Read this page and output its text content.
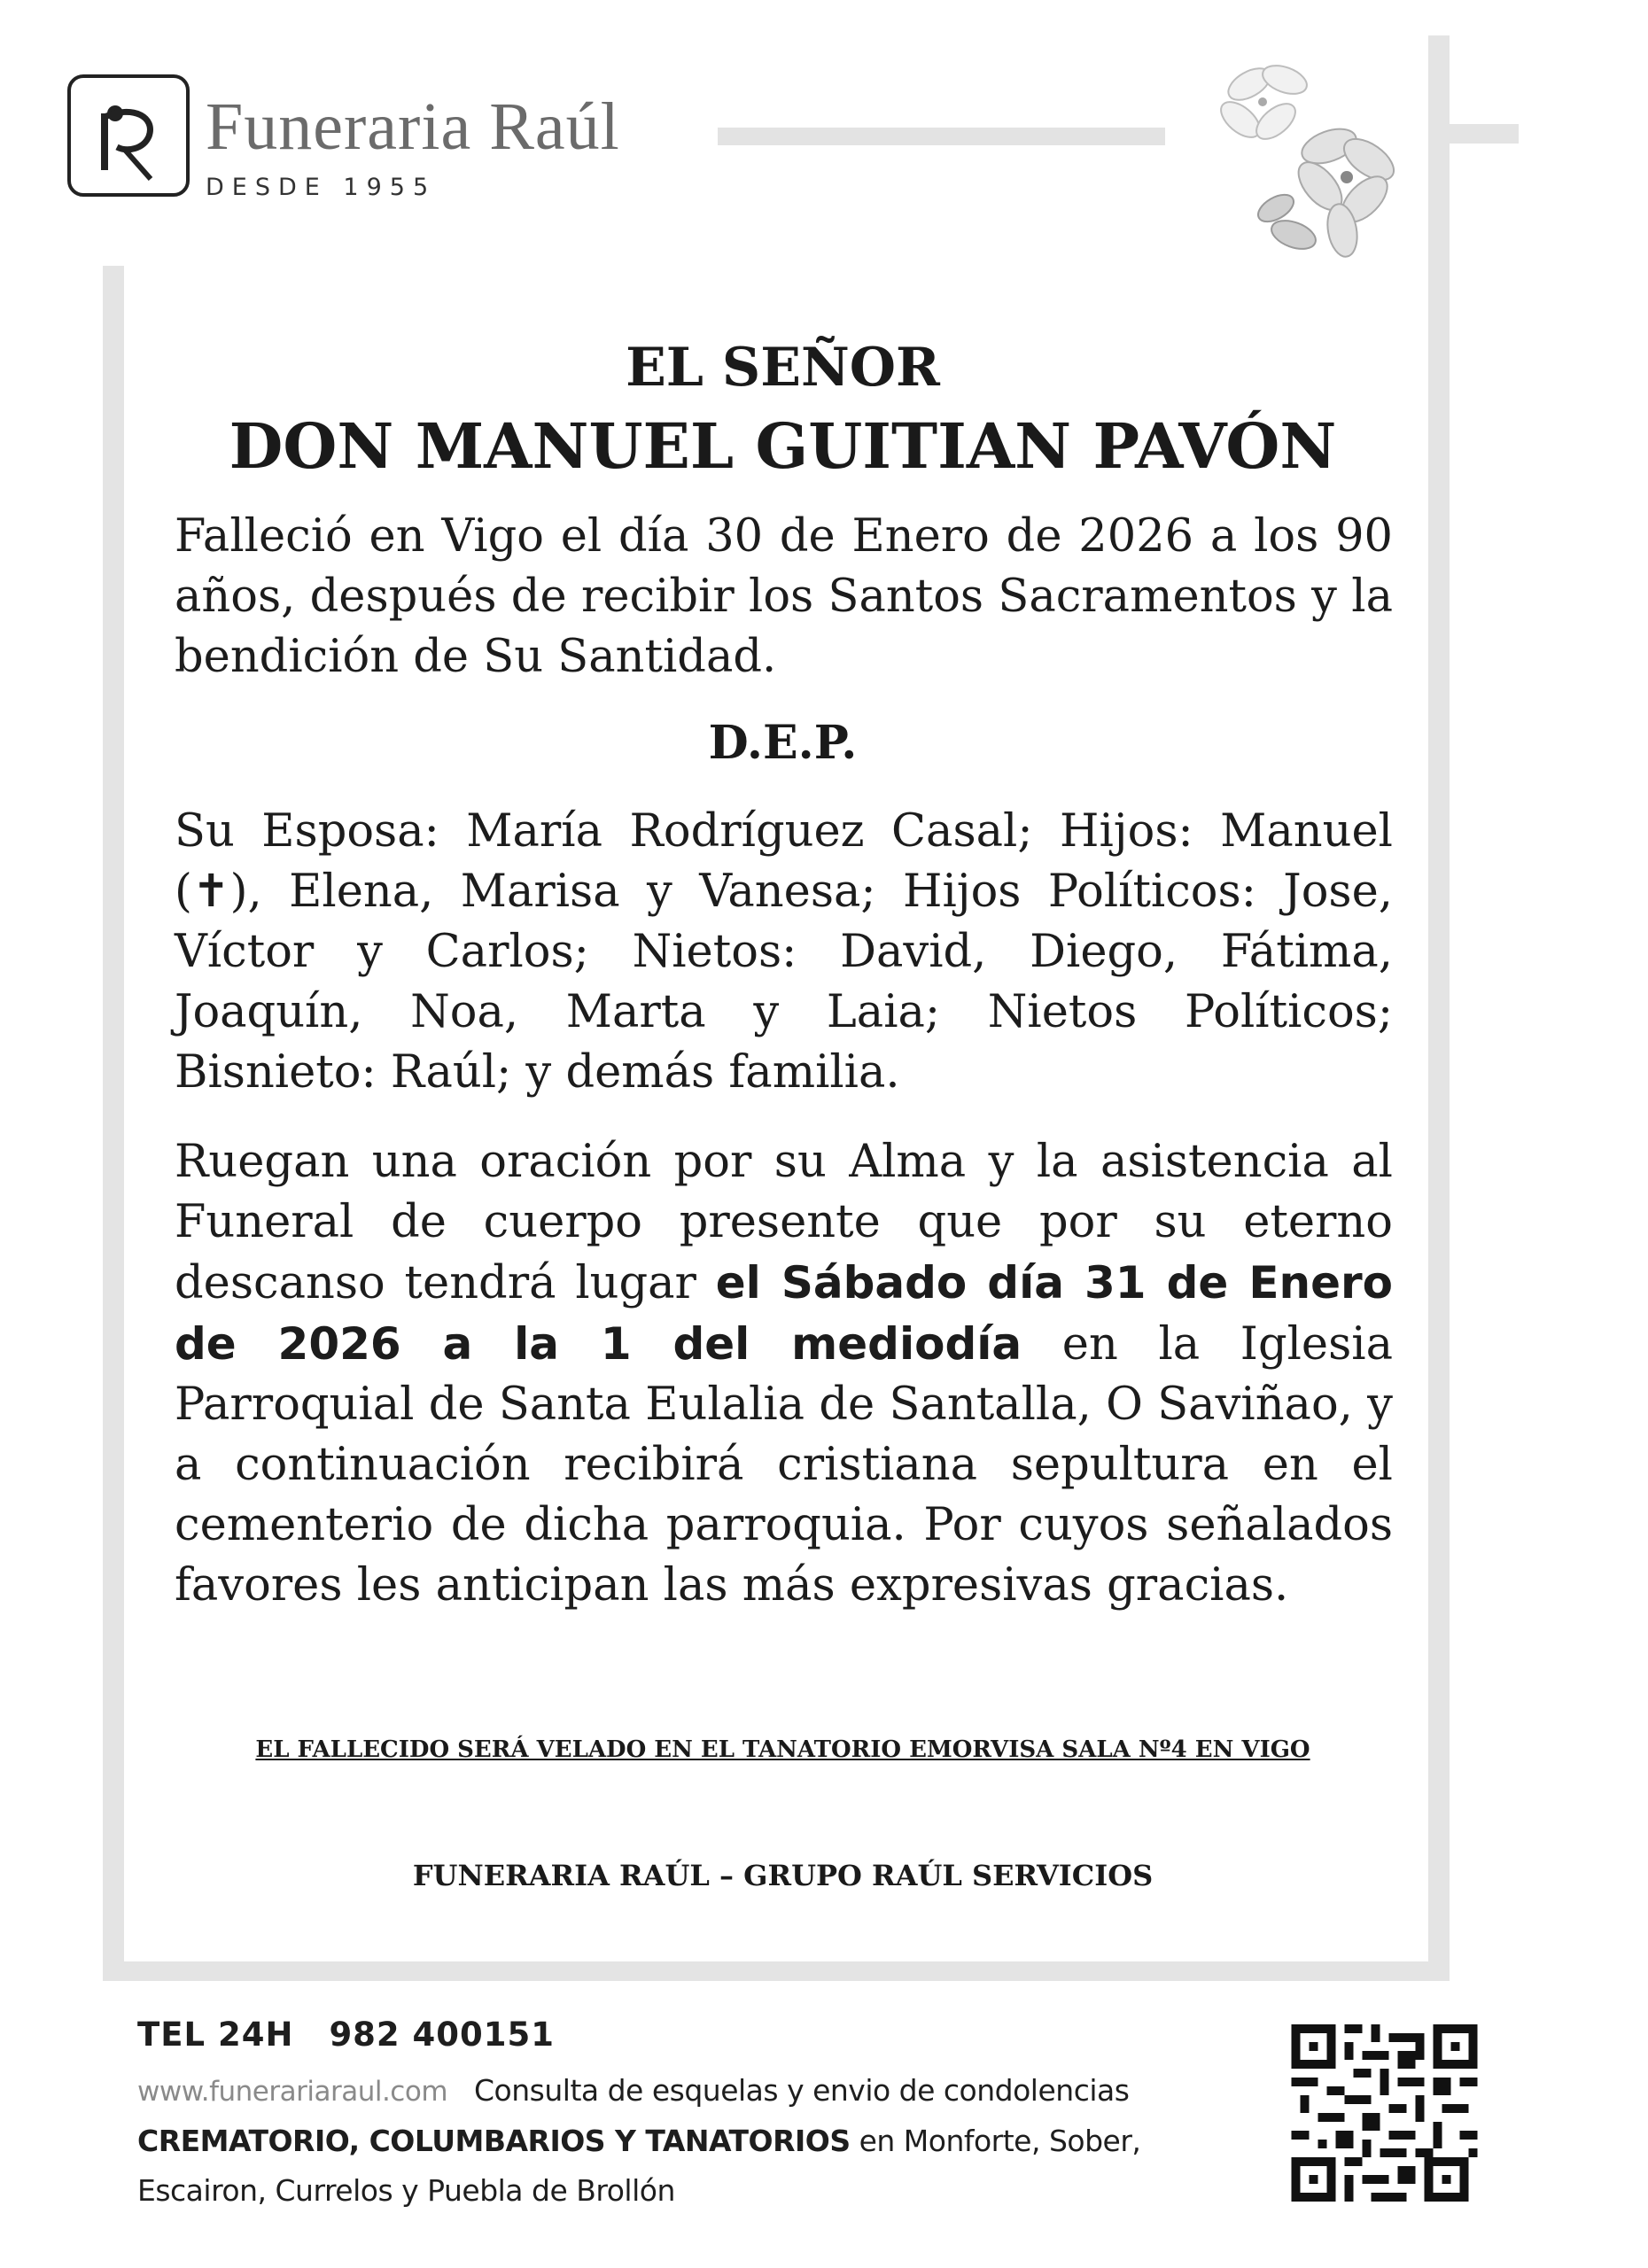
Funeraria Raúl
DESDE 1955
EL SEÑOR
DON MANUEL GUITIAN PAVÓN
Falleció en Vigo el día 30 de Enero de 2026 a los 90 años, después de recibir los Santos Sacramentos y la bendición de Su Santidad.
D.E.P.
Su Esposa: María Rodríguez Casal; Hijos: Manuel (✝), Elena, Marisa y Vanesa; Hijos Políticos: Jose, Víctor y Carlos; Nietos: David, Diego, Fátima, Joaquín, Noa, Marta y Laia; Nietos Políticos; Bisnieto: Raúl; y demás familia.
Ruegan una oración por su Alma y la asistencia al Funeral de cuerpo presente que por su eterno descanso tendrá lugar el Sábado día 31 de Enero de 2026 a la 1 del mediodía en la Iglesia Parroquial de Santa Eulalia de Santalla, O Saviñao, y a continuación recibirá cristiana sepultura en el cementerio de dicha parroquia. Por cuyos señalados favores les anticipan las más expresivas gracias.
EL FALLECIDO SERÁ VELADO EN EL TANATORIO EMORVISA SALA Nº4 EN VIGO
FUNERARIA RAÚL – GRUPO RAÚL SERVICIOS
TEL 24H 982 400151
www.funerariaraul.com Consulta de esquelas y envio de condolencias CREMATORIO, COLUMBARIOS Y TANATORIOS en Monforte, Sober, Escairon, Currelos y Puebla de Brollón
